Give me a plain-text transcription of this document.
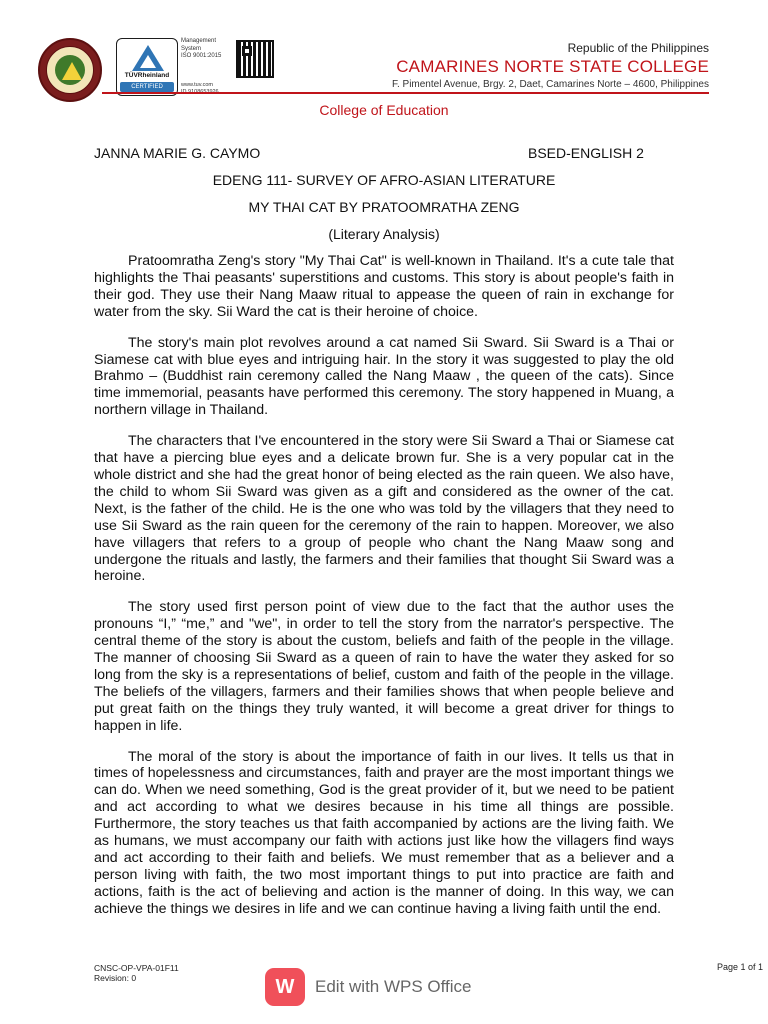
TÜVRheinland
CERTIFIED
Management
System
ISO 9001:2015
www.tuv.com
ID 9108653926
Republic of the Philippines
CAMARINES NORTE STATE COLLEGE
F. Pimentel Avenue, Brgy. 2, Daet, Camarines Norte – 4600, Philippines
College of Education
JANNA MARIE G. CAYMO	BSED-ENGLISH 2
EDENG 111- SURVEY OF AFRO-ASIAN LITERATURE
MY THAI CAT BY PRATOOMRATHA ZENG
(Literary Analysis)

Pratoomratha Zeng's story "My Thai Cat" is well-known in Thailand. It's a cute tale that highlights the Thai peasants' superstitions and customs. This story is about people's faith in their god. They use their Nang Maaw ritual to appease the queen of rain in exchange for water from the sky. Sii Ward the cat is their heroine of choice.

The story's main plot revolves around a cat named Sii Sward. Sii Sward is a Thai or Siamese cat with blue eyes and intriguing hair. In the story it was suggested to play the old Brahmo – (Buddhist rain ceremony called the Nang Maaw , the queen of the cats). Since time immemorial, peasants have performed this ceremony. The story happened in Muang, a northern village in Thailand.

The characters that I've encountered in the story were Sii Sward a Thai or Siamese cat that have a piercing blue eyes and a delicate brown fur. She is a very popular cat in the whole district and she had the great honor of being elected as the rain queen. We also have, the child to whom Sii Sward was given as a gift and considered as the owner of the cat. Next, is the father of the child. He is the one who was told by the villagers that they need to use Sii Sward as the rain queen for the ceremony of the rain to happen. Moreover, we also have villagers that refers to a group of people who chant the Nang Maaw song and undergone the rituals and lastly, the farmers and their families that thought Sii Sward was a heroine.

The story used first person point of view due to the fact that the author uses the pronouns “I,” “me,” and "we", in order to tell the story from the narrator's perspective. The central theme of the story is about the custom, beliefs and faith of the people in the village. The manner of choosing Sii Sward as a queen of rain to have the water they asked for so long from the sky is a representations of belief, custom and faith of the people in the village. The beliefs of the villagers, farmers and their families shows that when people believe and put great faith on the things they truly wanted, it will become a great driver for things to happen in life.

The moral of the story is about the importance of faith in our lives. It tells us that in times of hopelessness and circumstances, faith and prayer are the most important things we can do. When we need something, God is the great provider of it, but we need to be patient and act according to what we desires because in his time all things are possible. Furthermore, the story teaches us that faith accompanied by actions are the living faith. We as humans, we must accompany our faith with actions just like how the villagers find ways and act according to their faith and beliefs. We must remember that as a believer and a person living with faith, the two most important things to put into practice are faith and actions, faith is the act of believing and action is the manner of doing. In this way, we can achieve the things we desires in life and we can continue having a living faith until the end.

CNSC-OP-VPA-01F11
Revision: 0
Page 1 of 1
W	Edit with WPS Office
